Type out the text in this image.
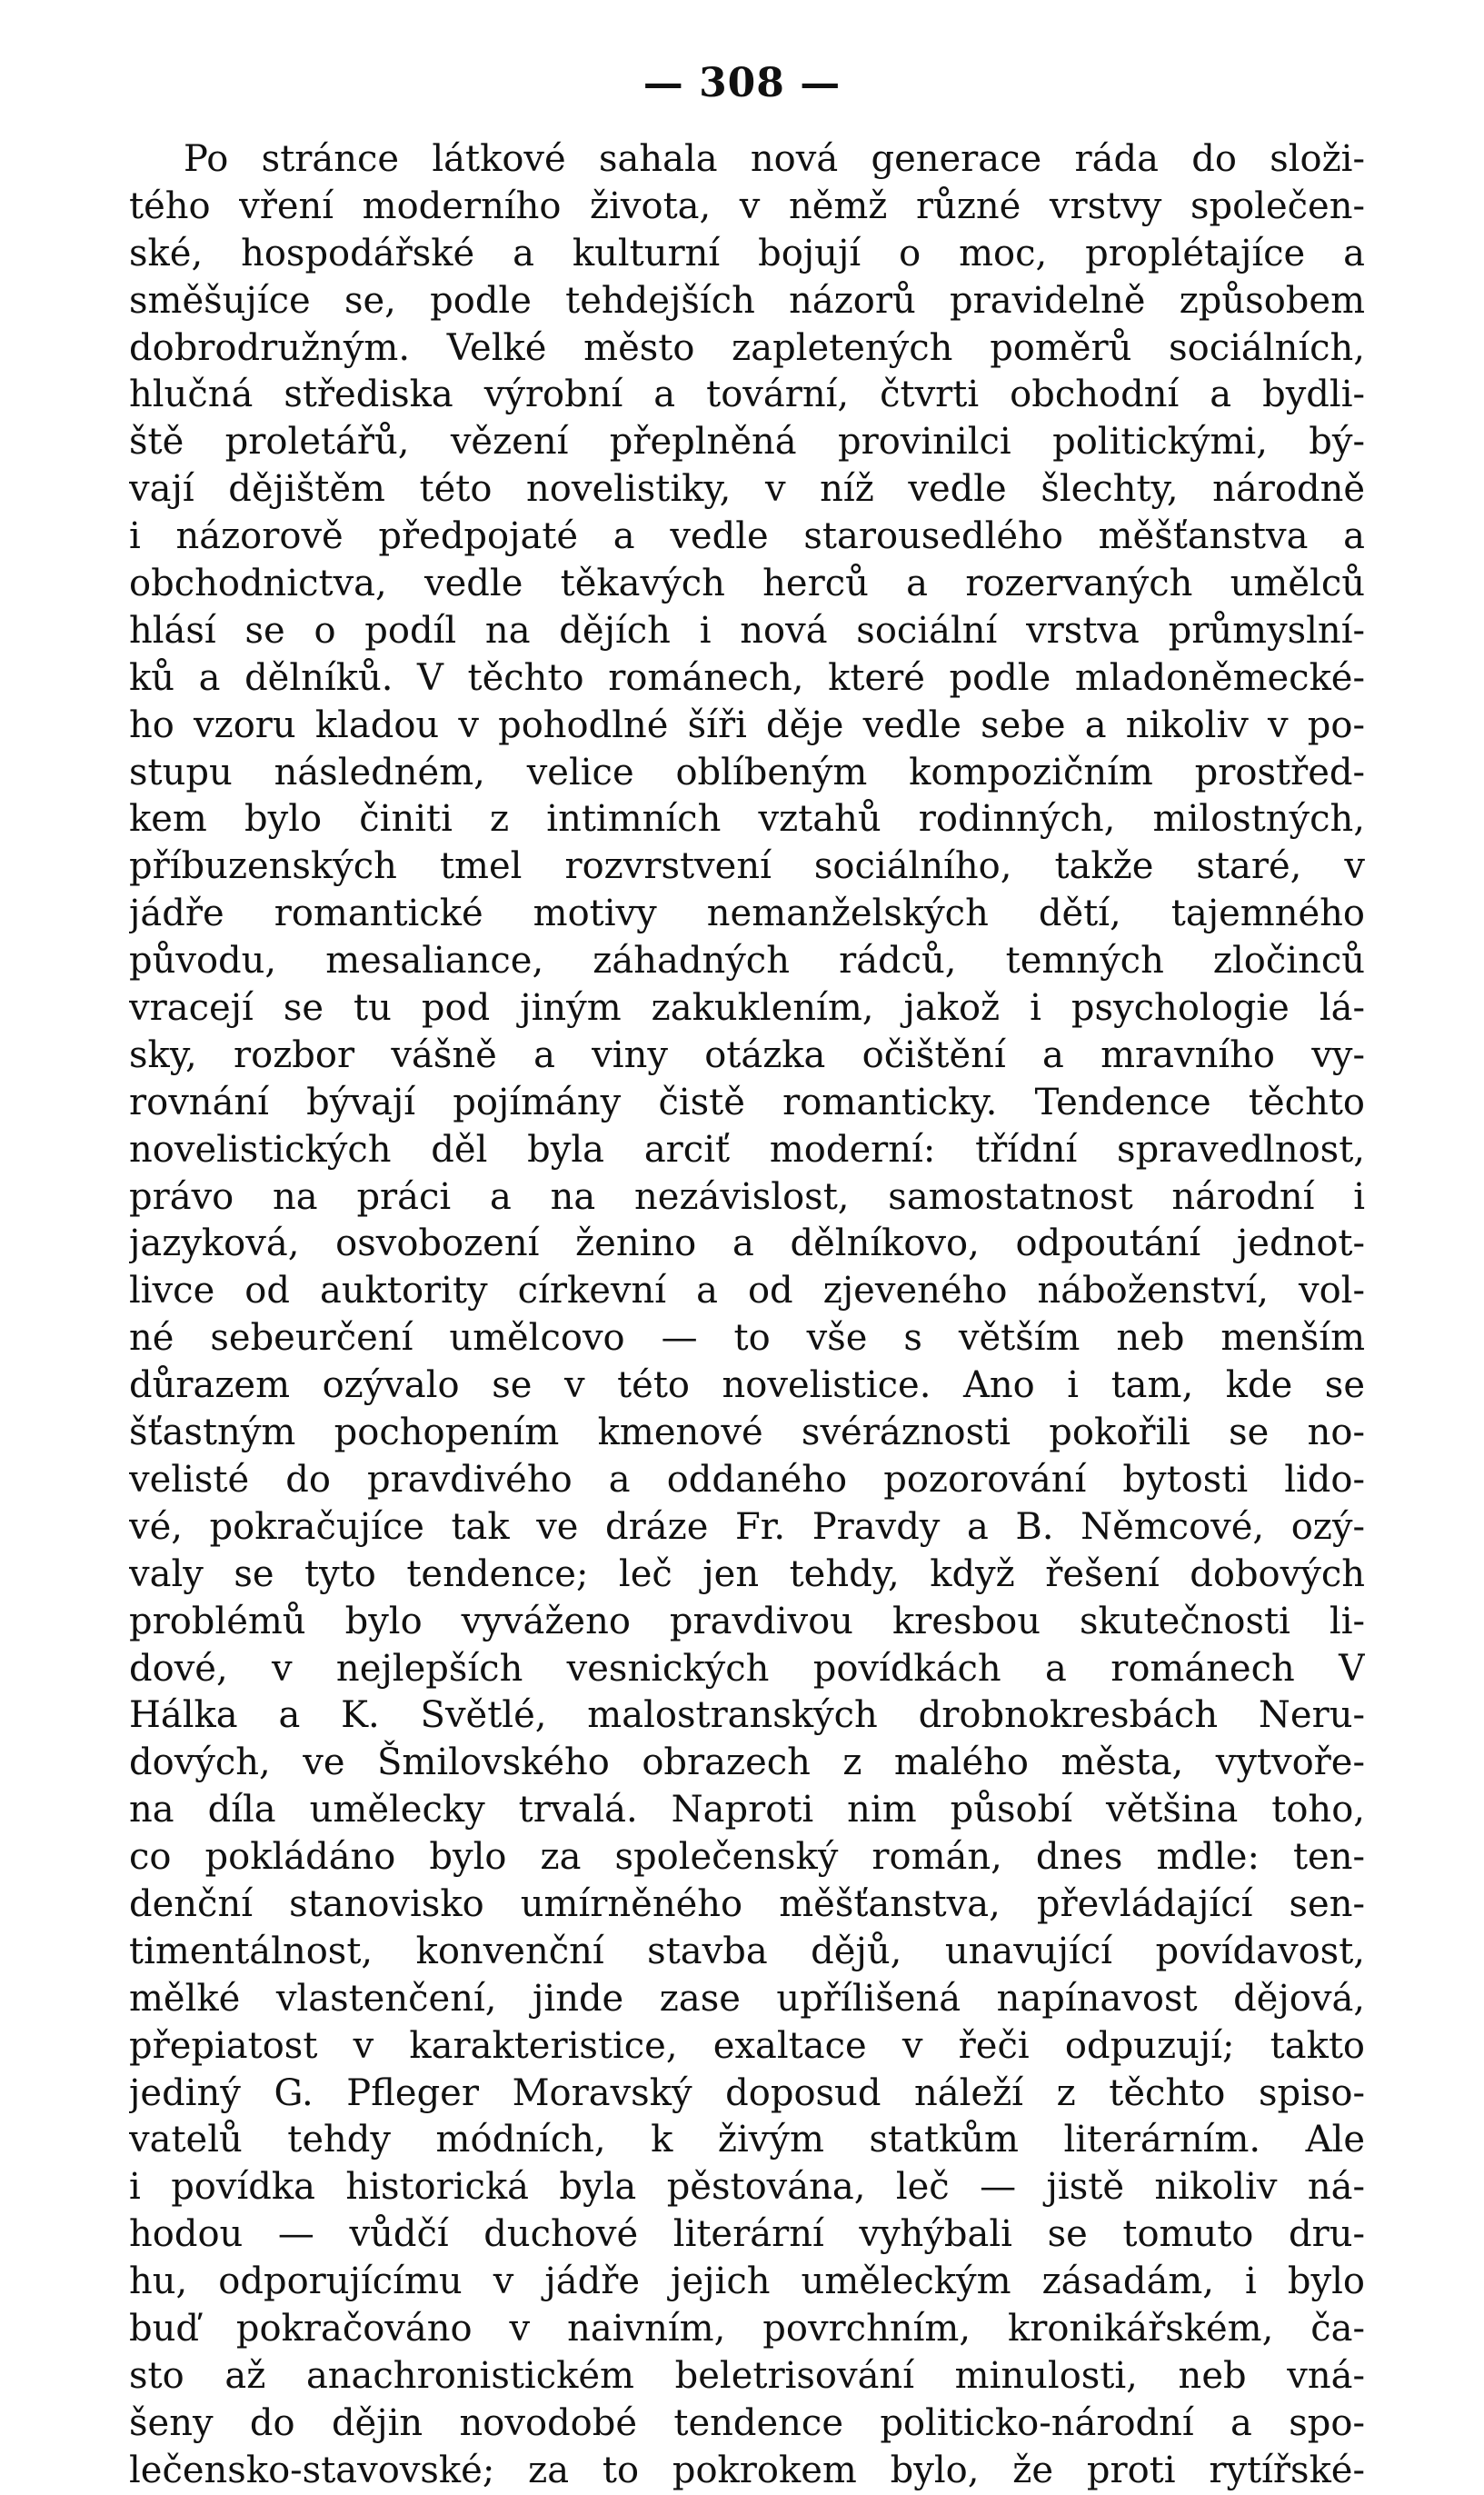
— 308 —
Po stránce látkové sahala nová generace ráda do složi-
tého vření moderního života, v němž různé vrstvy společen-
ské, hospodářské a kulturní bojují o moc, proplétajíce a
směšujíce se, podle tehdejších názorů pravidelně způsobem
dobrodružným. Velké město zapletených poměrů sociálních,
hlučná střediska výrobní a tovární, čtvrti obchodní a bydli-
ště proletářů, vězení přeplněná provinilci politickými, bý-
vají dějištěm této novelistiky, v níž vedle šlechty, národně
i názorově předpojaté a vedle starousedlého měšťanstva a
obchodnictva, vedle těkavých herců a rozervaných umělců
hlásí se o podíl na dějích i nová sociální vrstva průmyslní-
ků a dělníků. V těchto románech, které podle mladoněmecké-
ho vzoru kladou v pohodlné šíři děje vedle sebe a nikoliv v po-
stupu následném, velice oblíbeným kompozičním prostřed-
kem bylo činiti z intimních vztahů rodinných, milostných,
příbuzenských tmel rozvrstvení sociálního, takže staré, v
jádře romantické motivy nemanželských dětí, tajemného
původu, mesaliance, záhadných rádců, temných zločinců
vracejí se tu pod jiným zakuklením, jakož i psychologie lá-
sky, rozbor vášně a viny otázka očištění a mravního vy-
rovnání bývají pojímány čistě romanticky. Tendence těchto
novelistických děl byla arciť moderní: třídní spravedlnost,
právo na práci a na nezávislost, samostatnost národní i
jazyková, osvobození ženino a dělníkovo, odpoutání jednot-
livce od auktority církevní a od zjeveného náboženství, vol-
né sebeurčení umělcovo — to vše s větším neb menším
důrazem ozývalo se v této novelistice. Ano i tam, kde se
šťastným pochopením kmenové svéráznosti pokořili se no-
velisté do pravdivého a oddaného pozorování bytosti lido-
vé, pokračujíce tak ve dráze Fr. Pravdy a B. Němcové, ozý-
valy se tyto tendence; leč jen tehdy, když řešení dobových
problémů bylo vyváženo pravdivou kresbou skutečnosti li-
dové, v nejlepších vesnických povídkách a románech V
Hálka a K. Světlé, malostranských drobnokresbách Neru-
dových, ve Šmilovského obrazech z malého města, vytvoře-
na díla umělecky trvalá. Naproti nim působí většina toho,
co pokládáno bylo za společenský román, dnes mdle: ten-
denční stanovisko umírněného měšťanstva, převládající sen-
timentálnost, konvenční stavba dějů, unavující povídavost,
mělké vlastenčení, jinde zase upřílišená napínavost dějová,
přepiatost v karakteristice, exaltace v řeči odpuzují; takto
jediný G. Pfleger Moravský doposud náleží z těchto spiso-
vatelů tehdy módních, k živým statkům literárním. Ale
i povídka historická byla pěstována, leč — jistě nikoliv ná-
hodou — vůdčí duchové literární vyhýbali se tomuto dru-
hu, odporujícímu v jádře jejich uměleckým zásadám, i bylo
buď pokračováno v naivním, povrchním, kronikářském, ča-
sto až anachronistickém beletrisování minulosti, neb vná-
šeny do dějin novodobé tendence politicko-národní a spo-
lečensko-stavovské; za to pokrokem bylo, že proti rytířské-
